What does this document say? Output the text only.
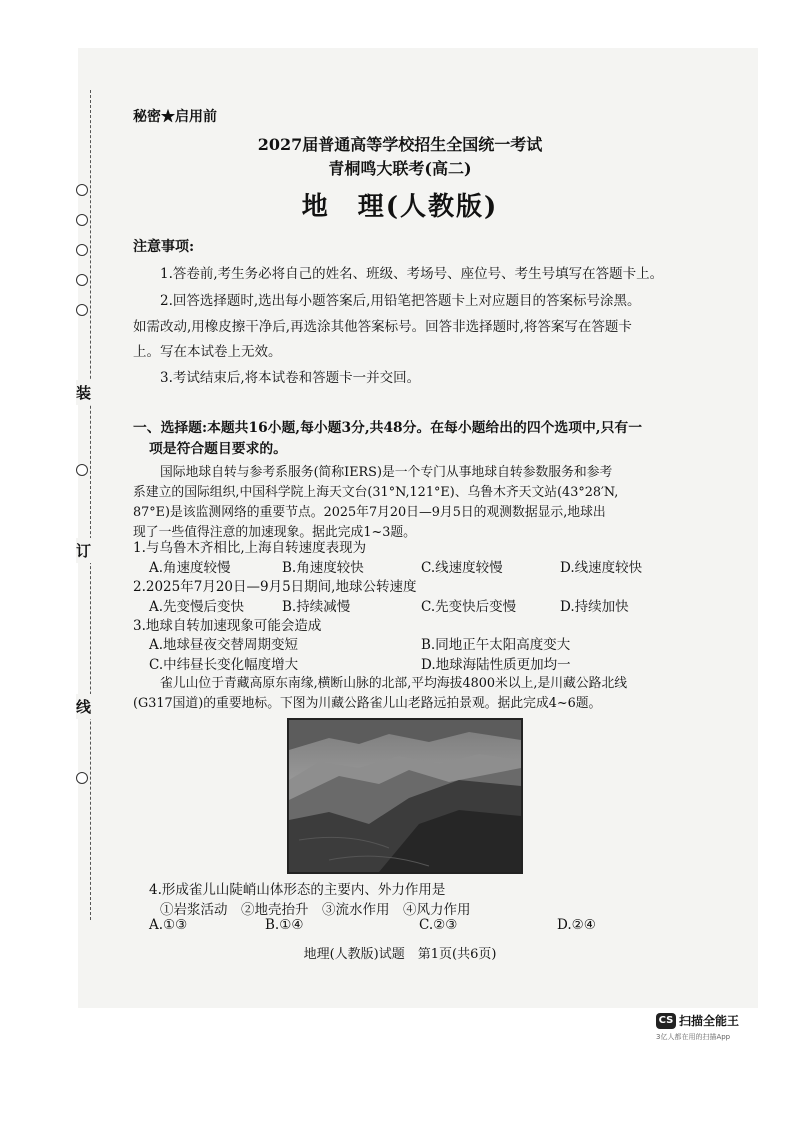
装
订
线
秘密★启用前
2027届普通高等学校招生全国统一考试
青桐鸣大联考(高二)
地　理(人教版)
注意事项:
1.答卷前,考生务必将自己的姓名、班级、考场号、座位号、考生号填写在答题卡上。
2.回答选择题时,选出每小题答案后,用铅笔把答题卡上对应题目的答案标号涂黑。
如需改动,用橡皮擦干净后,再选涂其他答案标号。回答非选择题时,将答案写在答题卡
上。写在本试卷上无效。
3.考试结束后,将本试卷和答题卡一并交回。
一、选择题:本题共16小题,每小题3分,共48分。在每小题给出的四个选项中,只有一
项是符合题目要求的。
国际地球自转与参考系服务(简称IERS)是一个专门从事地球自转参数服务和参考
系建立的国际组织,中国科学院上海天文台(31°N,121°E)、乌鲁木齐天文站(43°28′N,
87°E)是该监测网络的重要节点。2025年7月20日—9月5日的观测数据显示,地球出
现了一些值得注意的加速现象。据此完成1~3题。
1.与乌鲁木齐相比,上海自转速度表现为
A.角速度较慢	B.角速度较快	C.线速度较慢	D.线速度较快
2.2025年7月20日—9月5日期间,地球公转速度
A.先变慢后变快	B.持续减慢	C.先变快后变慢	D.持续加快
3.地球自转加速现象可能会造成
A.地球昼夜交替周期变短	B.同地正午太阳高度变大
C.中纬昼长变化幅度增大	D.地球海陆性质更加均一
雀儿山位于青藏高原东南缘,横断山脉的北部,平均海拔4800米以上,是川藏公路北线
(G317国道)的重要地标。下图为川藏公路雀儿山老路远拍景观。据此完成4~6题。
4.形成雀儿山陡峭山体形态的主要内、外力作用是
①岩浆活动　②地壳抬升　③流水作用　④风力作用
A.①③	B.①④	C.②③	D.②④
地理(人教版)试题　第1页(共6页)
CS 扫描全能王
3亿人都在用的扫描App
